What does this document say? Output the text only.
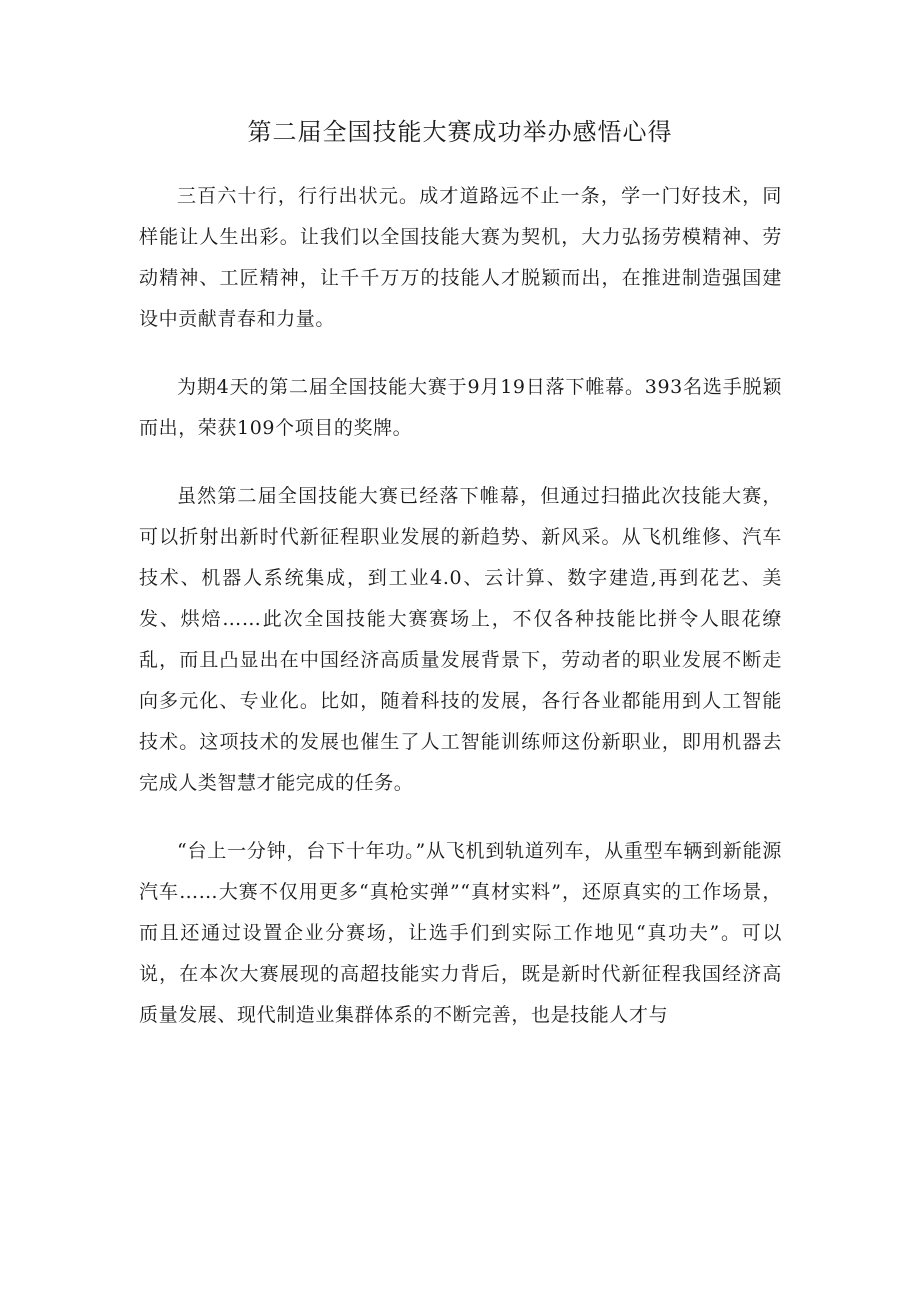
第二届全国技能大赛成功举办感悟心得

三百六十行，行行出状元。成才道路远不止一条，学一门好技术，同样能让人生出彩。让我们以全国技能大赛为契机，大力弘扬劳模精神、劳动精神、工匠精神，让千千万万的技能人才脱颖而出，在推进制造强国建设中贡献青春和力量。

为期4天的第二届全国技能大赛于9月19日落下帷幕。393名选手脱颖而出，荣获109个项目的奖牌。

虽然第二届全国技能大赛已经落下帷幕，但通过扫描此次技能大赛，可以折射出新时代新征程职业发展的新趋势、新风采。从飞机维修、汽车技术、机器人系统集成，到工业4.0、云计算、数字建造,再到花艺、美发、烘焙……此次全国技能大赛赛场上，不仅各种技能比拼令人眼花缭乱，而且凸显出在中国经济高质量发展背景下，劳动者的职业发展不断走向多元化、专业化。比如，随着科技的发展，各行各业都能用到人工智能技术。这项技术的发展也催生了人工智能训练师这份新职业，即用机器去完成人类智慧才能完成的任务。

“台上一分钟，台下十年功。”从飞机到轨道列车，从重型车辆到新能源汽车……大赛不仅用更多“真枪实弹”“真材实料”，还原真实的工作场景，而且还通过设置企业分赛场，让选手们到实际工作地见“真功夫”。可以说，在本次大赛展现的高超技能实力背后，既是新时代新征程我国经济高质量发展、现代制造业集群体系的不断完善，也是技能人才与
